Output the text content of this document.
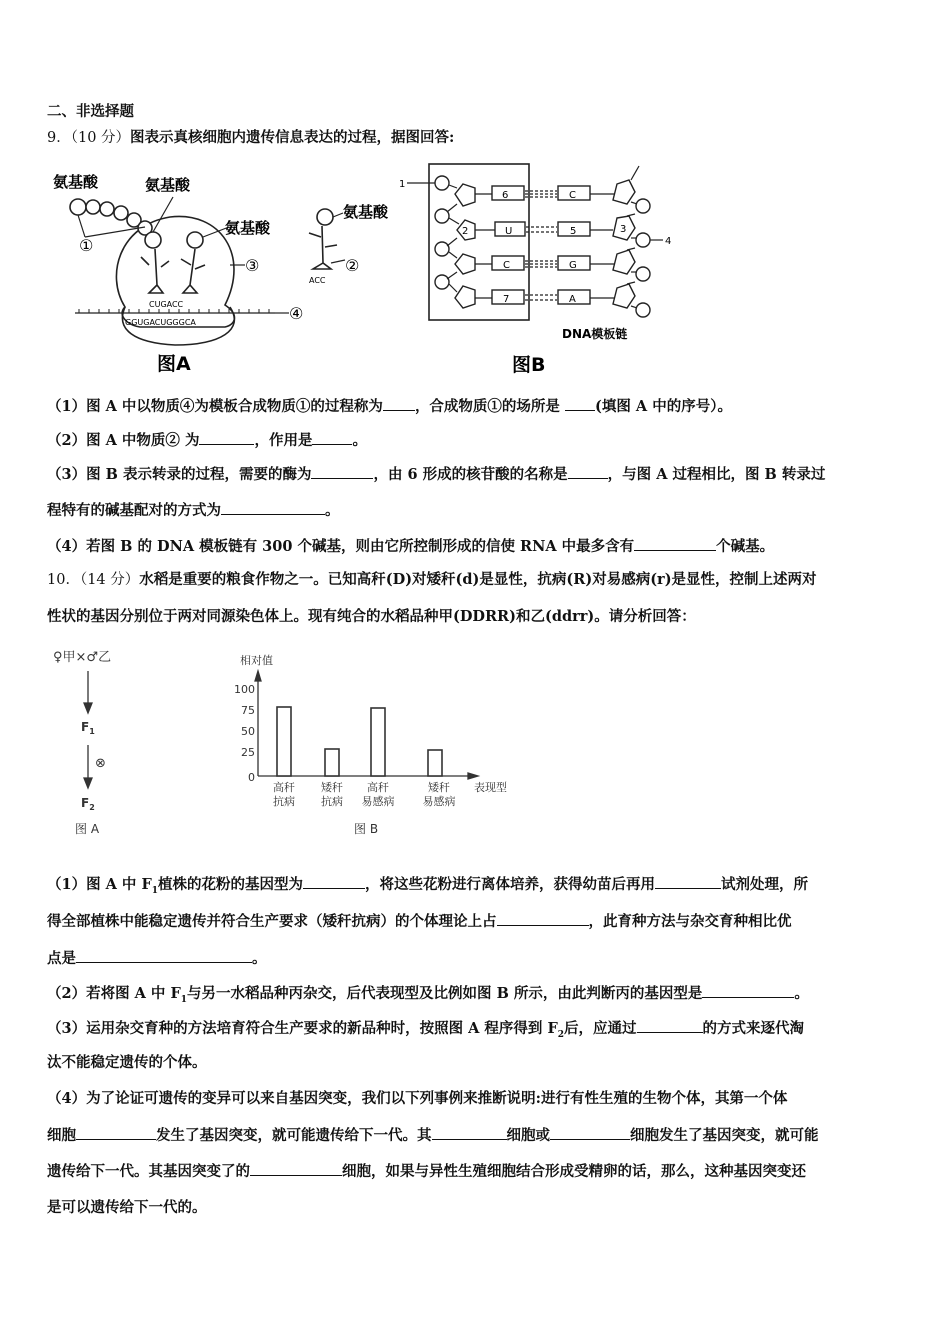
二、非选择题
9．（10 分）图表示真核细胞内遗传信息表达的过程，据图回答:
氨基酸	氨基酸
氨基酸
氨基酸
①
②
③
④
ACC
CUGACC
GGUGACUGGGCA
图A
6
U
C
7
C
5
G
A
1
2	3
4
DNA模板链
图B
（1）图 A 中以物质④为模板合成物质①的过程称为 ，合成物质①的场所是 (填图 A 中的序号）。
（2）图 A 中物质② 为	，作用是	。
（3）图 B 表示转录的过程，需要的酶为	，由 6 形成的核苷酸的名称是	，与图 A 过程相比，图 B 转录过
程特有的碱基配对的方式为	。
（4）若图 B 的 DNA 模板链有 300 个碱基，则由它所控制形成的信使 RNA 中最多含有	个碱基。
10．（14 分）水稻是重要的粮食作物之一。已知高秆(D)对矮秆(d)是显性，抗病(R)对易感病(r)是显性，控制上述两对
性状的基因分别位于两对同源染色体上。现有纯合的水稻品种甲(DDRR)和乙(ddrr)。请分析回答：
♀甲×♂乙
$F_1$
⊗
$F_2$
图 A
相对值
100
75
50
25
0
高秆
抗病
矮秆
抗病
高秆
易感病
矮秆
易感病
表现型
图 B
（1）图 A 中 $F_1$植株的花粉的基因型为	，将这些花粉进行离体培养，获得幼苗后再用	试剂处理，所
得全部植株中能稳定遗传并符合生产要求（矮秆抗病）的个体理论上占	，此育种方法与杂交育种相比优
点是	。
（2）若将图 A 中 $F_1$与另一水稻品种丙杂交，后代表现型及比例如图 B 所示，由此判断丙的基因型是	。
（3）运用杂交育种的方法培育符合生产要求的新品种时，按照图 A 程序得到 $F_2$后，应通过	的方式来逐代淘
汰不能稳定遗传的个体。
（4）为了论证可遗传的变异可以来自基因突变，我们以下列事例来推断说明:进行有性生殖的生物个体，其第一个体
细胞	发生了基因突变，就可能遗传给下一代。其	细胞或	细胞发生了基因突变，就可能
遗传给下一代。其基因突变了的	细胞，如果与异性生殖细胞结合形成受精卵的话，那么，这种基因突变还
是可以遗传给下一代的。
